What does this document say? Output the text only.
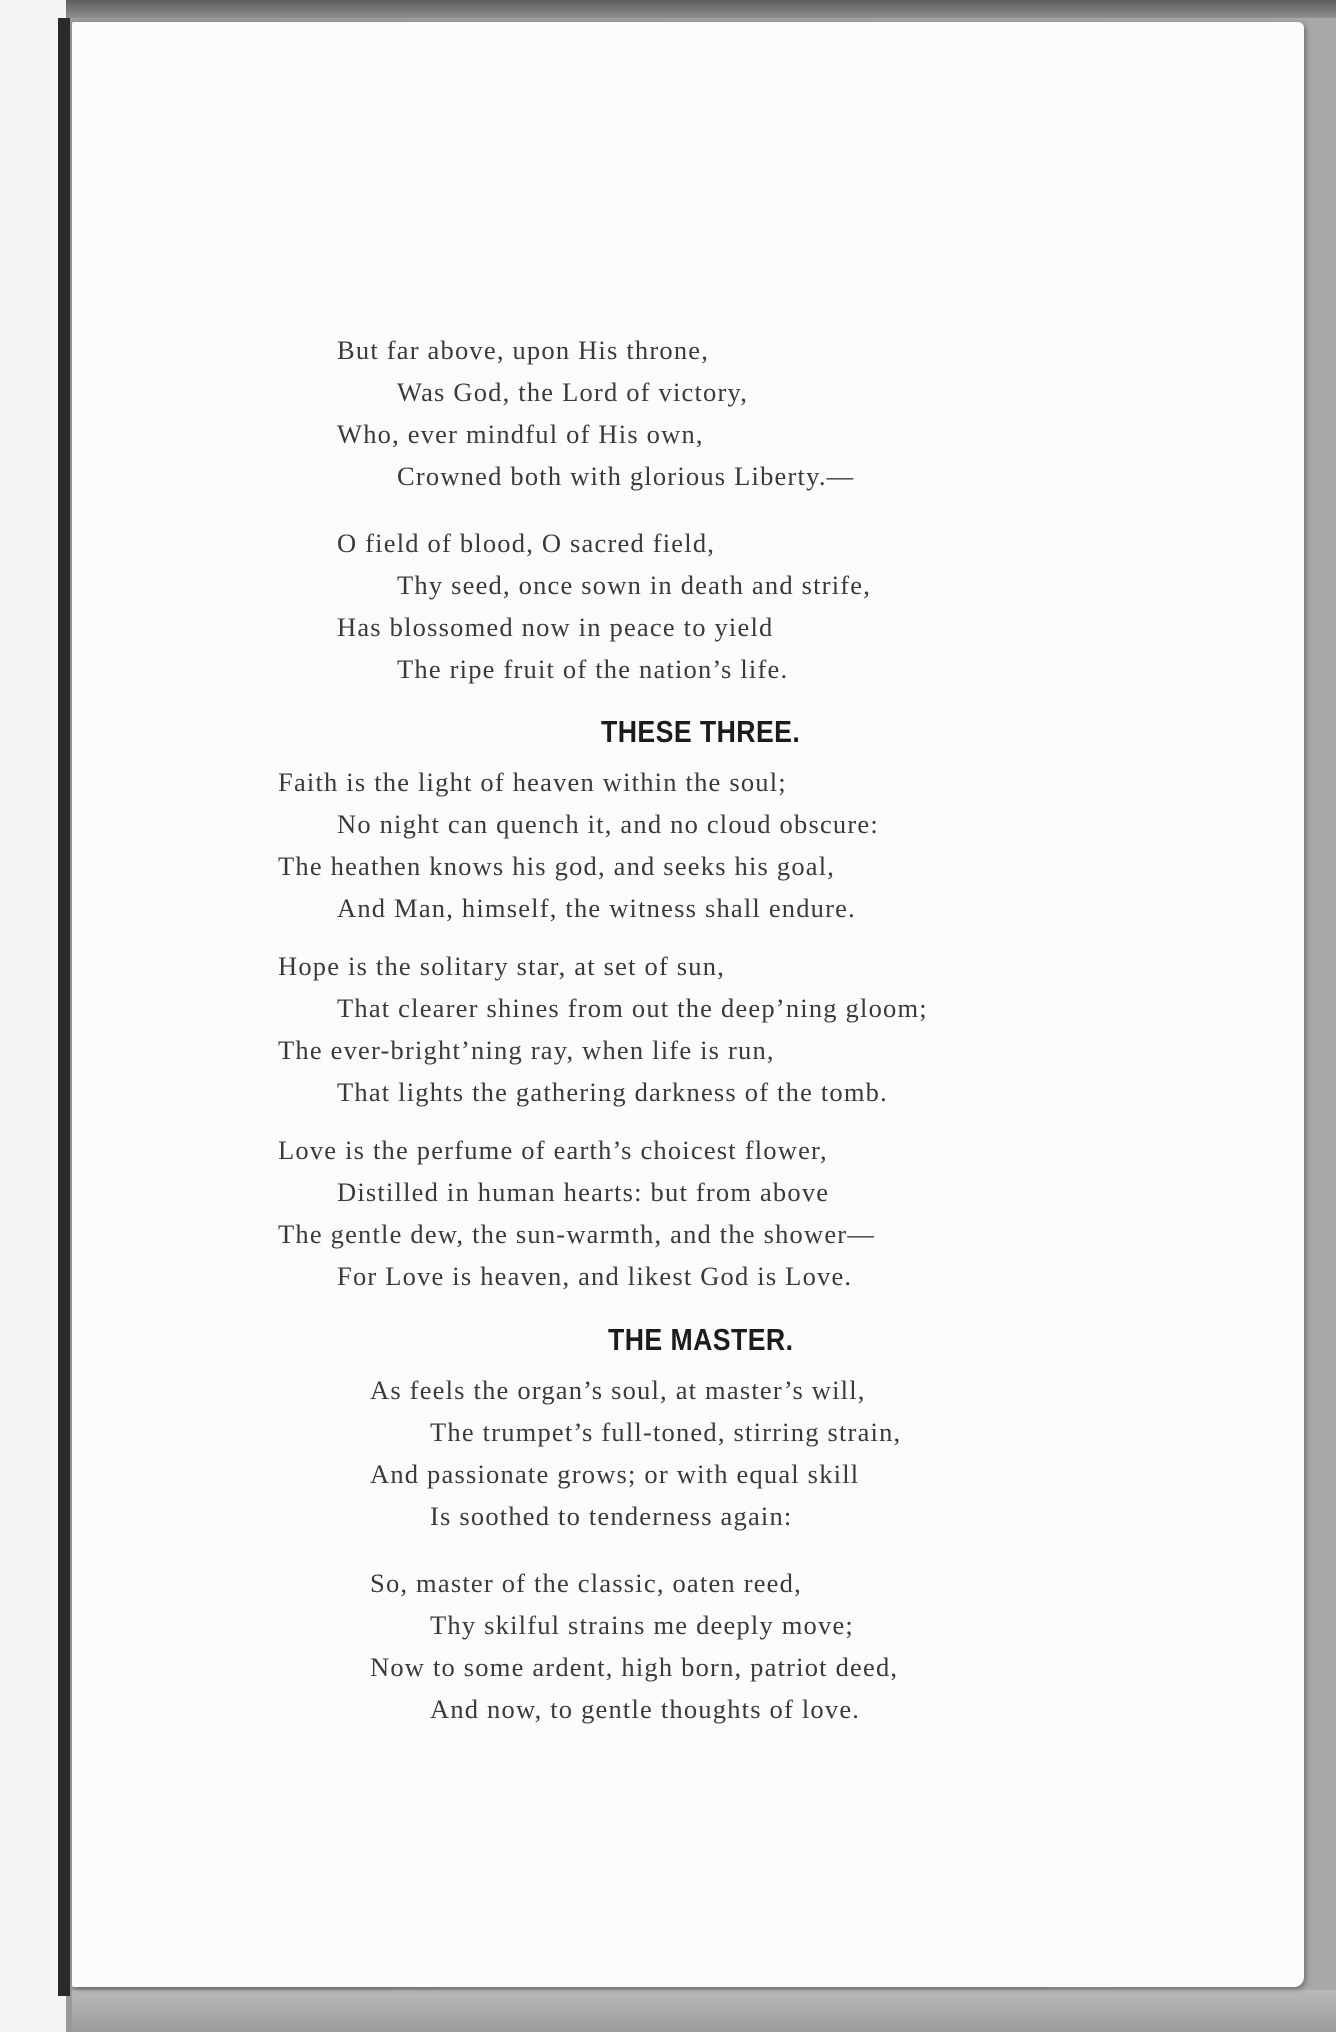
But far above, upon His throne,
Was God, the Lord of victory,
Who, ever mindful of His own,
Crowned both with glorious Liberty.—
O field of blood, O sacred field,
Thy seed, once sown in death and strife,
Has blossomed now in peace to yield
The ripe fruit of the nation’s life.
THESE THREE.
Faith is the light of heaven within the soul;
No night can quench it, and no cloud obscure:
The heathen knows his god, and seeks his goal,
And Man, himself, the witness shall endure.
Hope is the solitary star, at set of sun,
That clearer shines from out the deep’ning gloom;
The ever-bright’ning ray, when life is run,
That lights the gathering darkness of the tomb.
Love is the perfume of earth’s choicest flower,
Distilled in human hearts: but from above
The gentle dew, the sun-warmth, and the shower—
For Love is heaven, and likest God is Love.
THE MASTER.
As feels the organ’s soul, at master’s will,
The trumpet’s full-toned, stirring strain,
And passionate grows; or with equal skill
Is soothed to tenderness again:
So, master of the classic, oaten reed,
Thy skilful strains me deeply move;
Now to some ardent, high born, patriot deed,
And now, to gentle thoughts of love.
